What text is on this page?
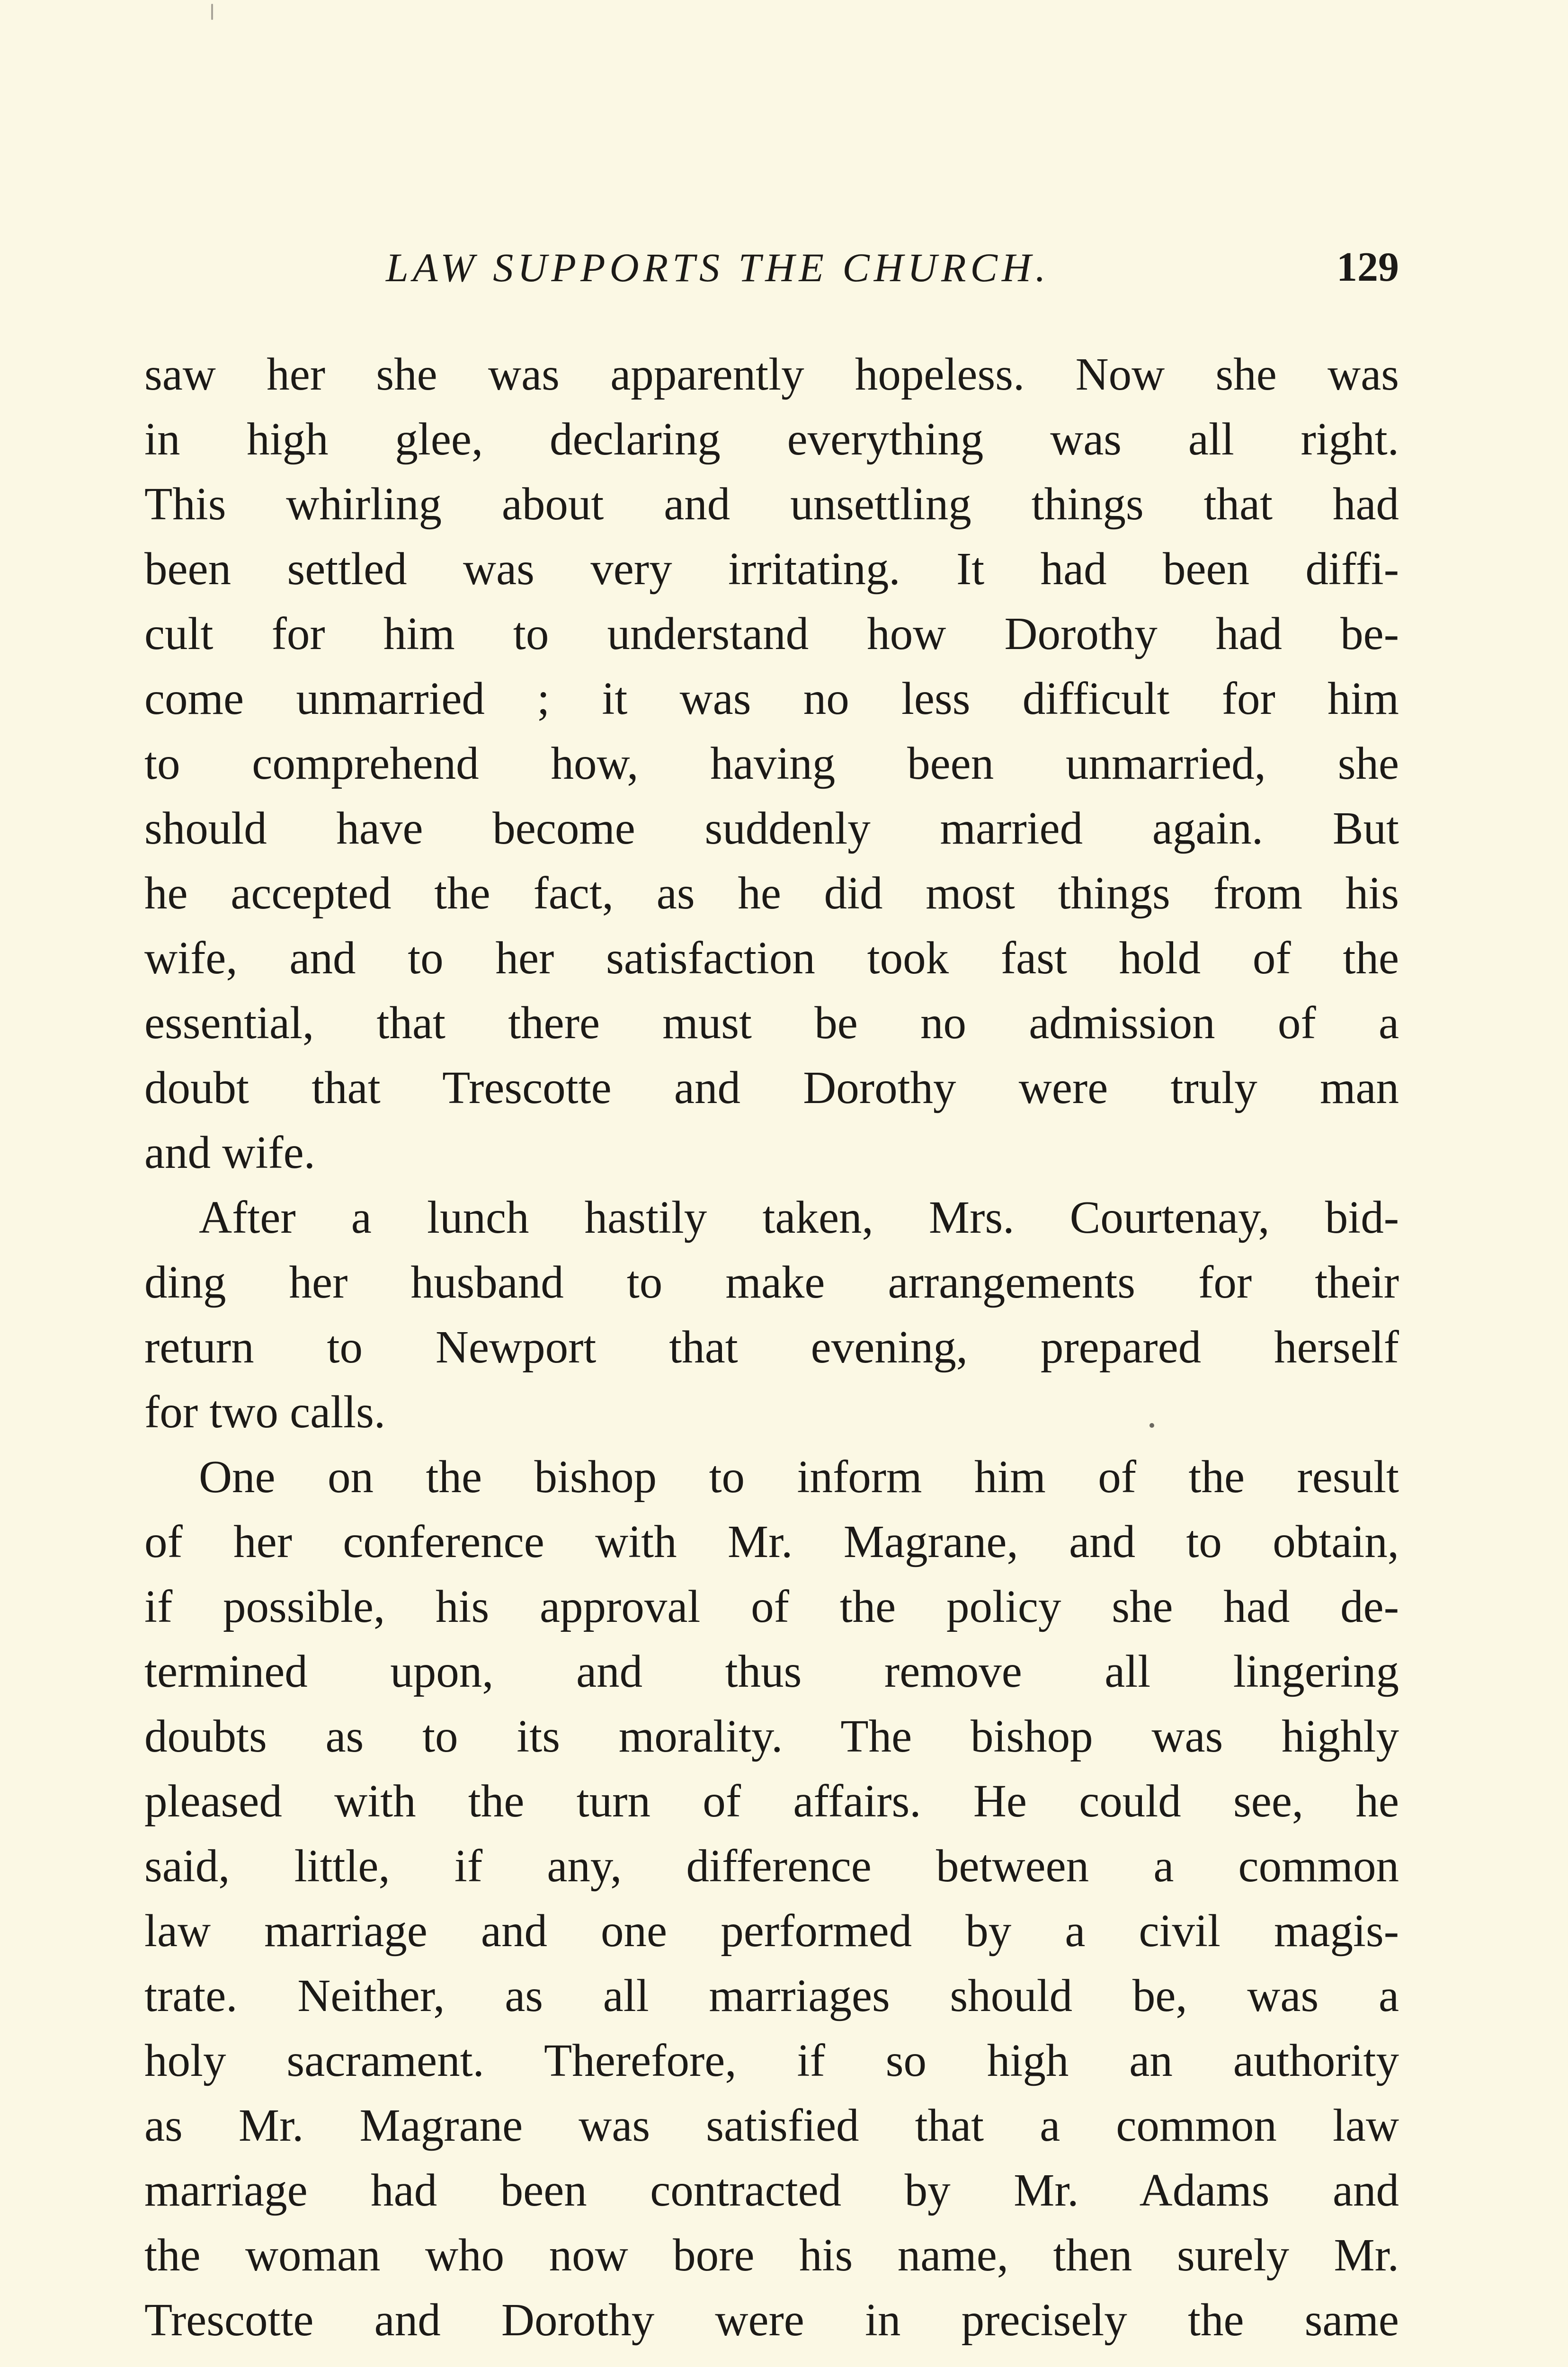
LAW SUPPORTS THE CHURCH.	129
saw her she was apparently hopeless. Now she was
in high glee, declaring everything was all right.
This whirling about and unsettling things that had
been settled was very irritating. It had been diffi-
cult for him to understand how Dorothy had be-
come unmarried ; it was no less difficult for him
to comprehend how, having been unmarried, she
should have become suddenly married again. But
he accepted the fact, as he did most things from his
wife, and to her satisfaction took fast hold of the
essential, that there must be no admission of a
doubt that Trescotte and Dorothy were truly man
and wife.
After a lunch hastily taken, Mrs. Courtenay, bid-
ding her husband to make arrangements for their
return to Newport that evening, prepared herself
for two calls.
One on the bishop to inform him of the result
of her conference with Mr. Magrane, and to obtain,
if possible, his approval of the policy she had de-
termined upon, and thus remove all lingering
doubts as to its morality. The bishop was highly
pleased with the turn of affairs. He could see, he
said, little, if any, difference between a common
law marriage and one performed by a civil magis-
trate. Neither, as all marriages should be, was a
holy sacrament. Therefore, if so high an authority
as Mr. Magrane was satisfied that a common law
marriage had been contracted by Mr. Adams and
the woman who now bore his name, then surely Mr.
Trescotte and Dorothy were in precisely the same
